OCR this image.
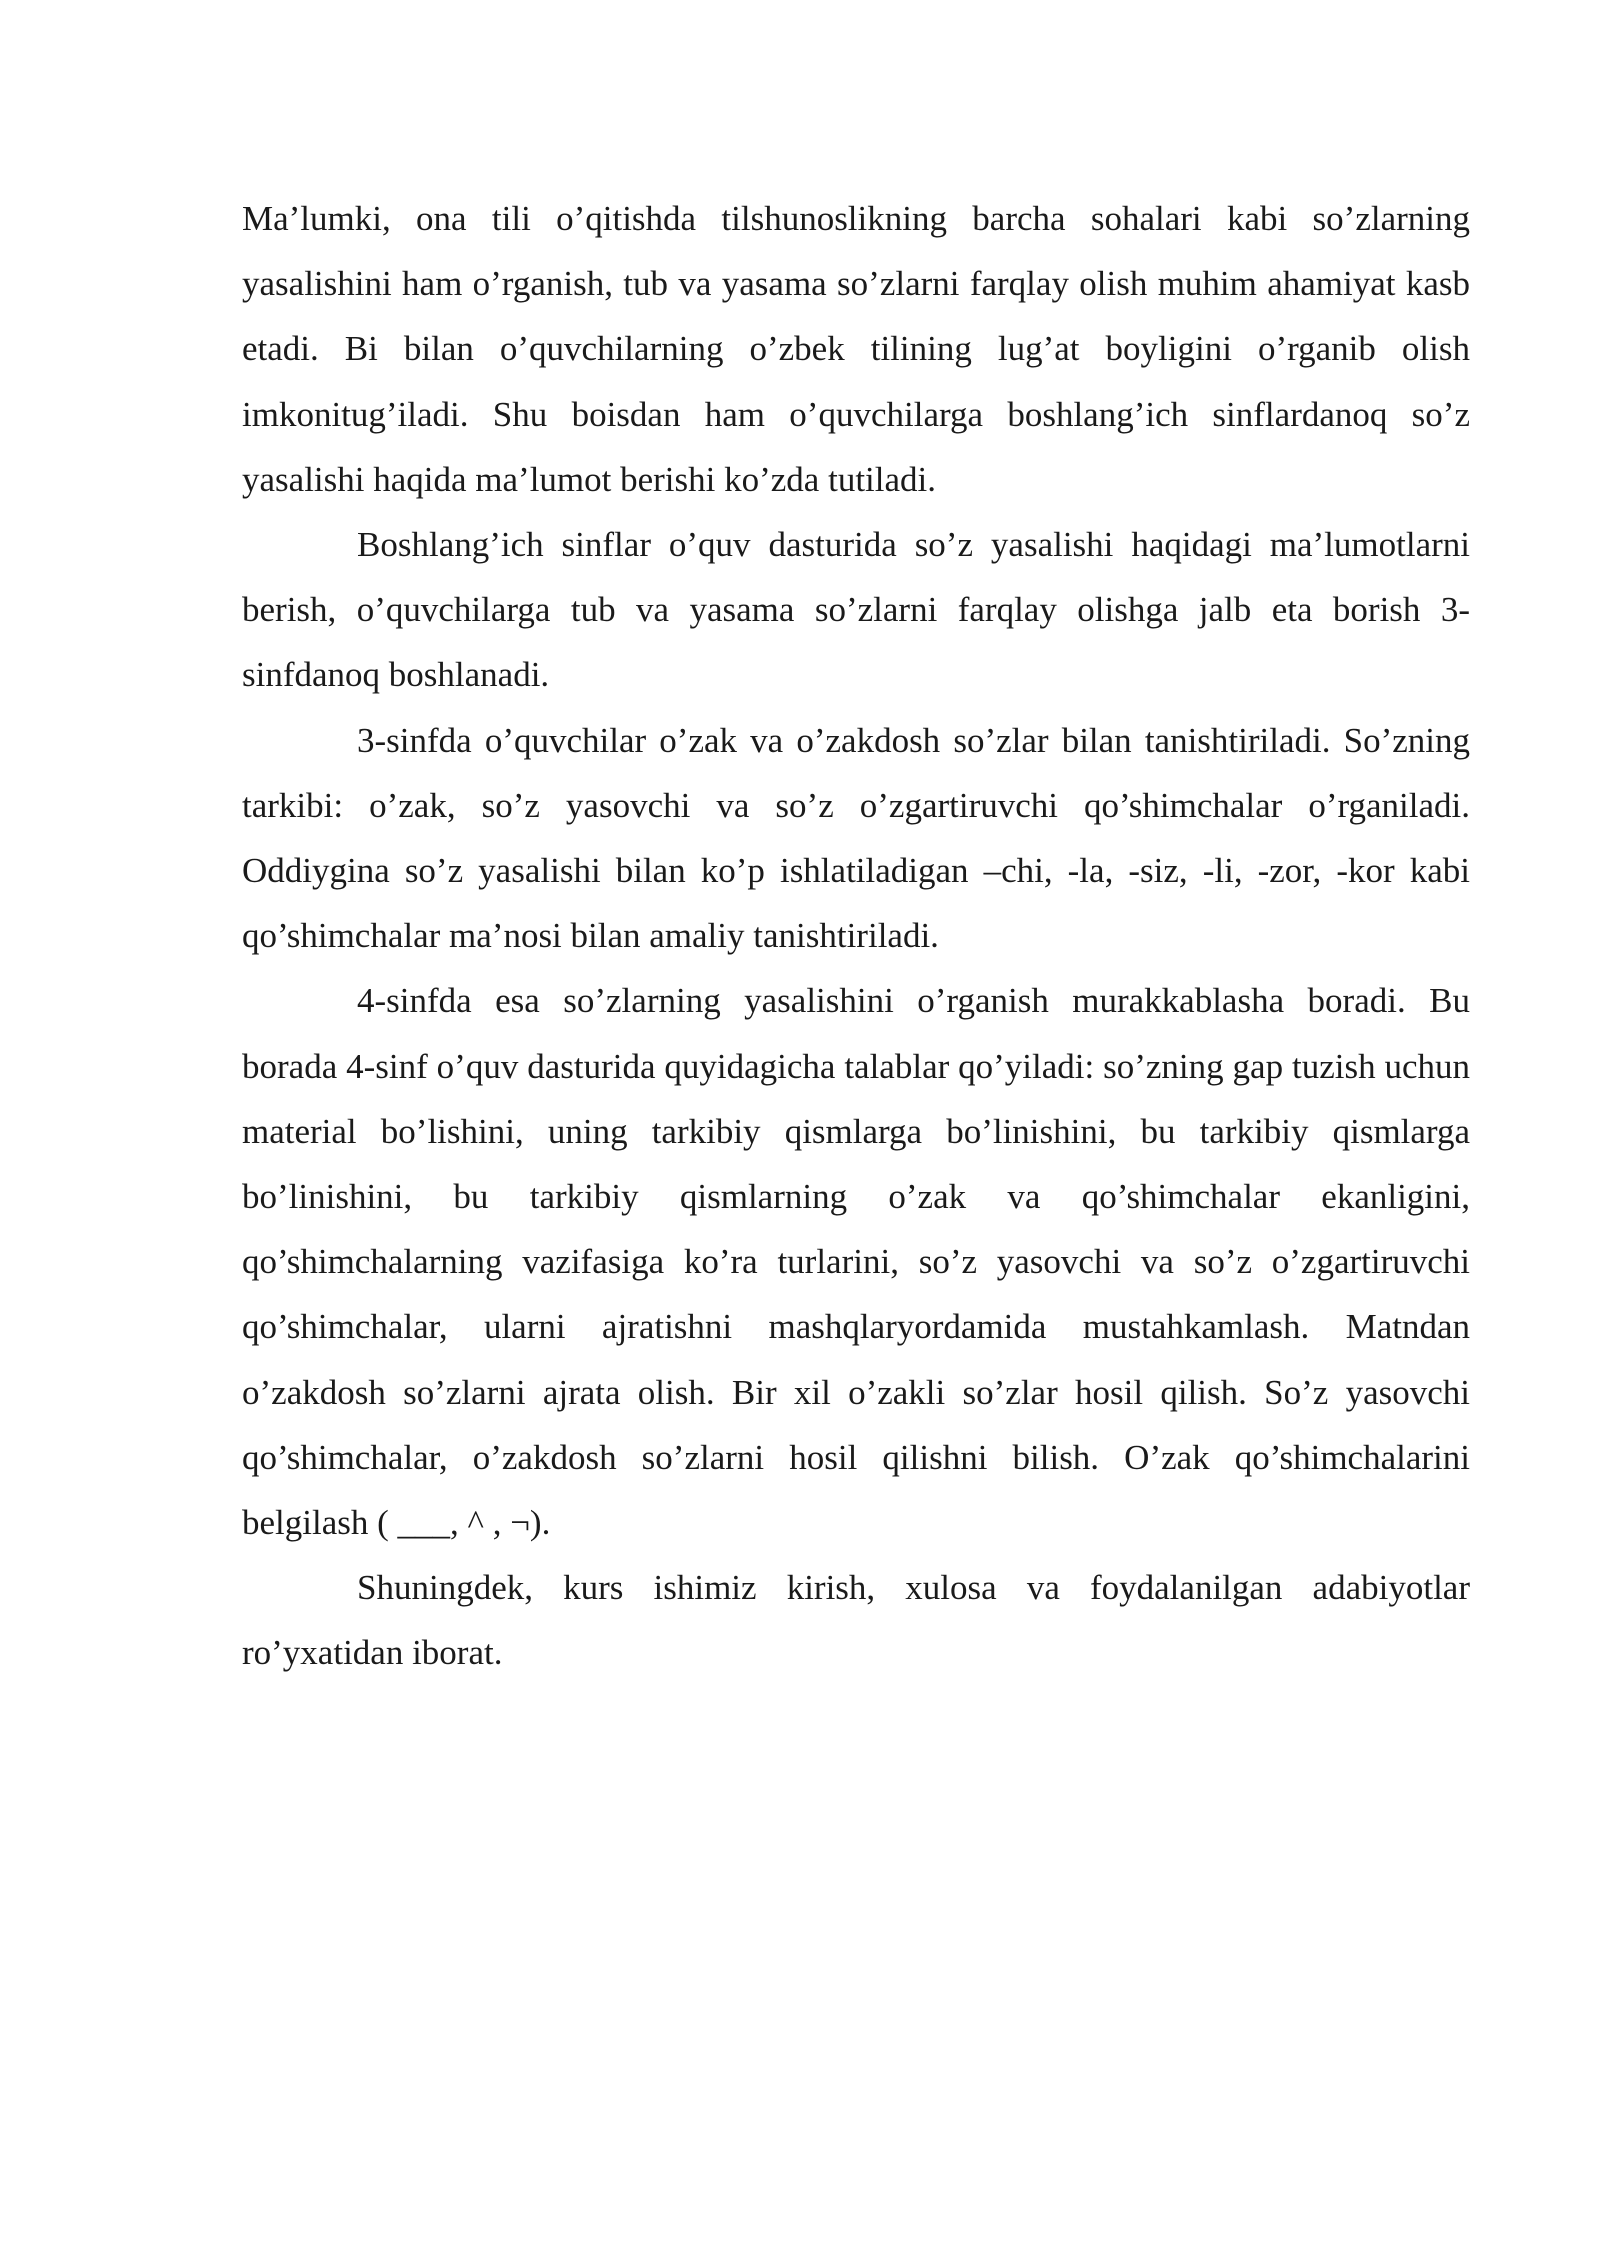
Ma’lumki, ona tili o’qitishda tilshunoslikning barcha sohalari kabi so’zlarning yasalishini ham o’rganish, tub va yasama so’zlarni farqlay olish muhim ahamiyat kasb etadi. Bi bilan o’quvchilarning o’zbek tilining lug’at boyligini o’rganib olish imkonitug’iladi. Shu boisdan ham o’quvchilarga boshlang’ich sinflardanoq so’z yasalishi haqida ma’lumot berishi ko’zda tutiladi.

Boshlang’ich sinflar o’quv dasturida so’z yasalishi haqidagi ma’lumotlarni berish, o’quvchilarga tub va yasama so’zlarni farqlay olishga jalb eta borish 3-sinfdanoq boshlanadi.

3-sinfda o’quvchilar o’zak va o’zakdosh so’zlar bilan tanishtiriladi. So’zning tarkibi: o’zak, so’z yasovchi va so’z o’zgartiruvchi qo’shimchalar o’rganiladi. Oddiygina so’z yasalishi bilan ko’p ishlatiladigan –chi, -la, -siz, -li, -zor, -kor kabi qo’shimchalar ma’nosi bilan amaliy tanishtiriladi.

4-sinfda esa so’zlarning yasalishini o’rganish murakkablasha boradi. Bu borada 4-sinf o’quv dasturida quyidagicha talablar qo’yiladi: so’zning gap tuzish uchun material bo’lishini, uning tarkibiy qismlarga bo’linishini, bu tarkibiy qismlarga bo’linishini, bu tarkibiy qismlarning o’zak va qo’shimchalar ekanligini, qo’shimchalarning vazifasiga ko’ra turlarini, so’z yasovchi va so’z o’zgartiruvchi qo’shimchalar, ularni ajratishni mashqlaryordamida mustahkamlash. Matndan o’zakdosh so’zlarni ajrata olish. Bir xil o’zakli so’zlar hosil qilish. So’z yasovchi qo’shimchalar, o’zakdosh so’zlarni hosil qilishni bilish. O’zak qo’shimchalarini belgilash ( ___, ^ , ¬).

Shuningdek, kurs ishimiz kirish, xulosa va foydalanilgan adabiyotlar ro’yxatidan iborat.
